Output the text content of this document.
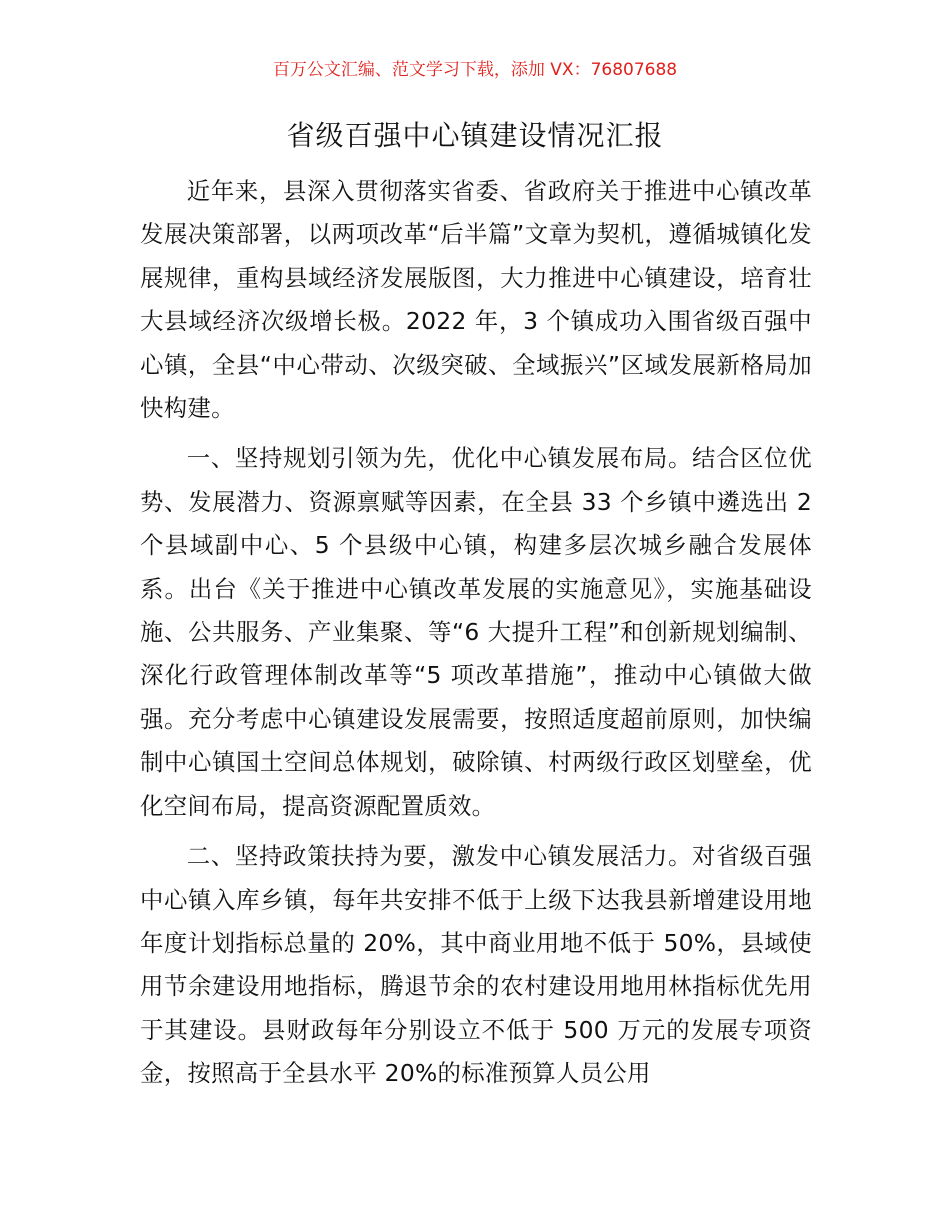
百万公文汇编、范文学习下载，添加 VX：76807688
省级百强中心镇建设情况汇报

近年来，县深入贯彻落实省委、省政府关于推进中心镇改革发展决策部署，以两项改革“后半篇”文章为契机，遵循城镇化发展规律，重构县域经济发展版图，大力推进中心镇建设，培育壮大县域经济次级增长极。2022 年，3 个镇成功入围省级百强中心镇，全县“中心带动、次级突破、全域振兴”区域发展新格局加快构建。

一、坚持规划引领为先，优化中心镇发展布局。结合区位优势、发展潜力、资源禀赋等因素，在全县 33 个乡镇中遴选出 2 个县域副中心、5 个县级中心镇，构建多层次城乡融合发展体系。出台《关于推进中心镇改革发展的实施意见》，实施基础设施、公共服务、产业集聚、等“6 大提升工程”和创新规划编制、深化行政管理体制改革等“5 项改革措施”，推动中心镇做大做强。充分考虑中心镇建设发展需要，按照适度超前原则，加快编制中心镇国土空间总体规划，破除镇、村两级行政区划壁垒，优化空间布局，提高资源配置质效。

二、坚持政策扶持为要，激发中心镇发展活力。对省级百强中心镇入库乡镇，每年共安排不低于上级下达我县新增建设用地年度计划指标总量的 20%，其中商业用地不低于 50%，县域使用节余建设用地指标，腾退节余的农村建设用地用林指标优先用于其建设。县财政每年分别设立不低于 500 万元的发展专项资金，按照高于全县水平 20%的标准预算人员公用
